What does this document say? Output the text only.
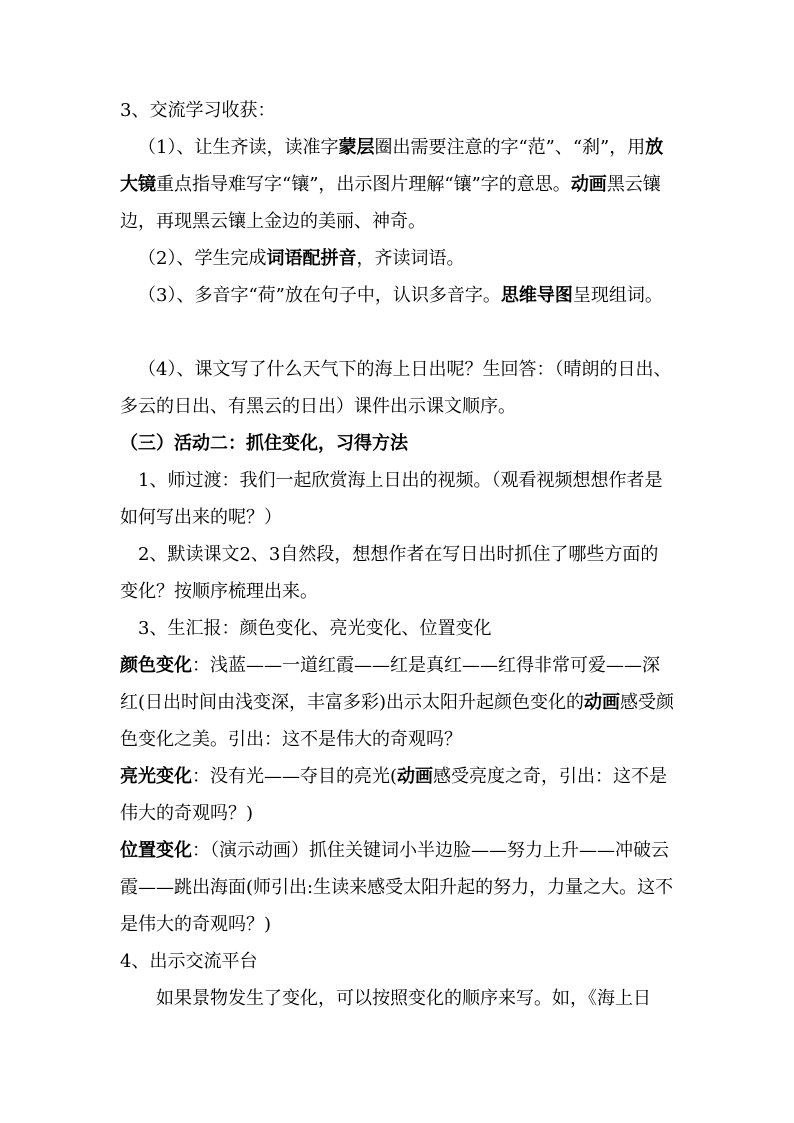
3、交流学习收获：

（1）、让生齐读，读准字蒙层圈出需要注意的字“范”、“刹”，用放大镜重点指导难写字“镶”，出示图片理解“镶”字的意思。动画黑云镶边，再现黑云镶上金边的美丽、神奇。

（2）、学生完成词语配拼音，齐读词语。

（3）、多音字“荷”放在句子中，认识多音字。思维导图呈现组词。

（4）、课文写了什么天气下的海上日出呢？生回答：（晴朗的日出、多云的日出、有黑云的日出）课件出示课文顺序。

（三）活动二：抓住变化，习得方法

1、师过渡：我们一起欣赏海上日出的视频。（观看视频想想作者是如何写出来的呢？）

2、默读课文2、3自然段，想想作者在写日出时抓住了哪些方面的变化？按顺序梳理出来。

3、生汇报：颜色变化、亮光变化、位置变化

颜色变化：浅蓝——一道红霞——红是真红——红得非常可爱——深红(日出时间由浅变深，丰富多彩)出示太阳升起颜色变化的动画感受颜色变化之美。引出：这不是伟大的奇观吗？

亮光变化：没有光——夺目的亮光(动画感受亮度之奇，引出：这不是伟大的奇观吗？)

位置变化：（演示动画）抓住关键词小半边脸——努力上升——冲破云霞——跳出海面(师引出:生读来感受太阳升起的努力，力量之大。这不是伟大的奇观吗？)

4、出示交流平台

如果景物发生了变化，可以按照变化的顺序来写。如，《海上日
